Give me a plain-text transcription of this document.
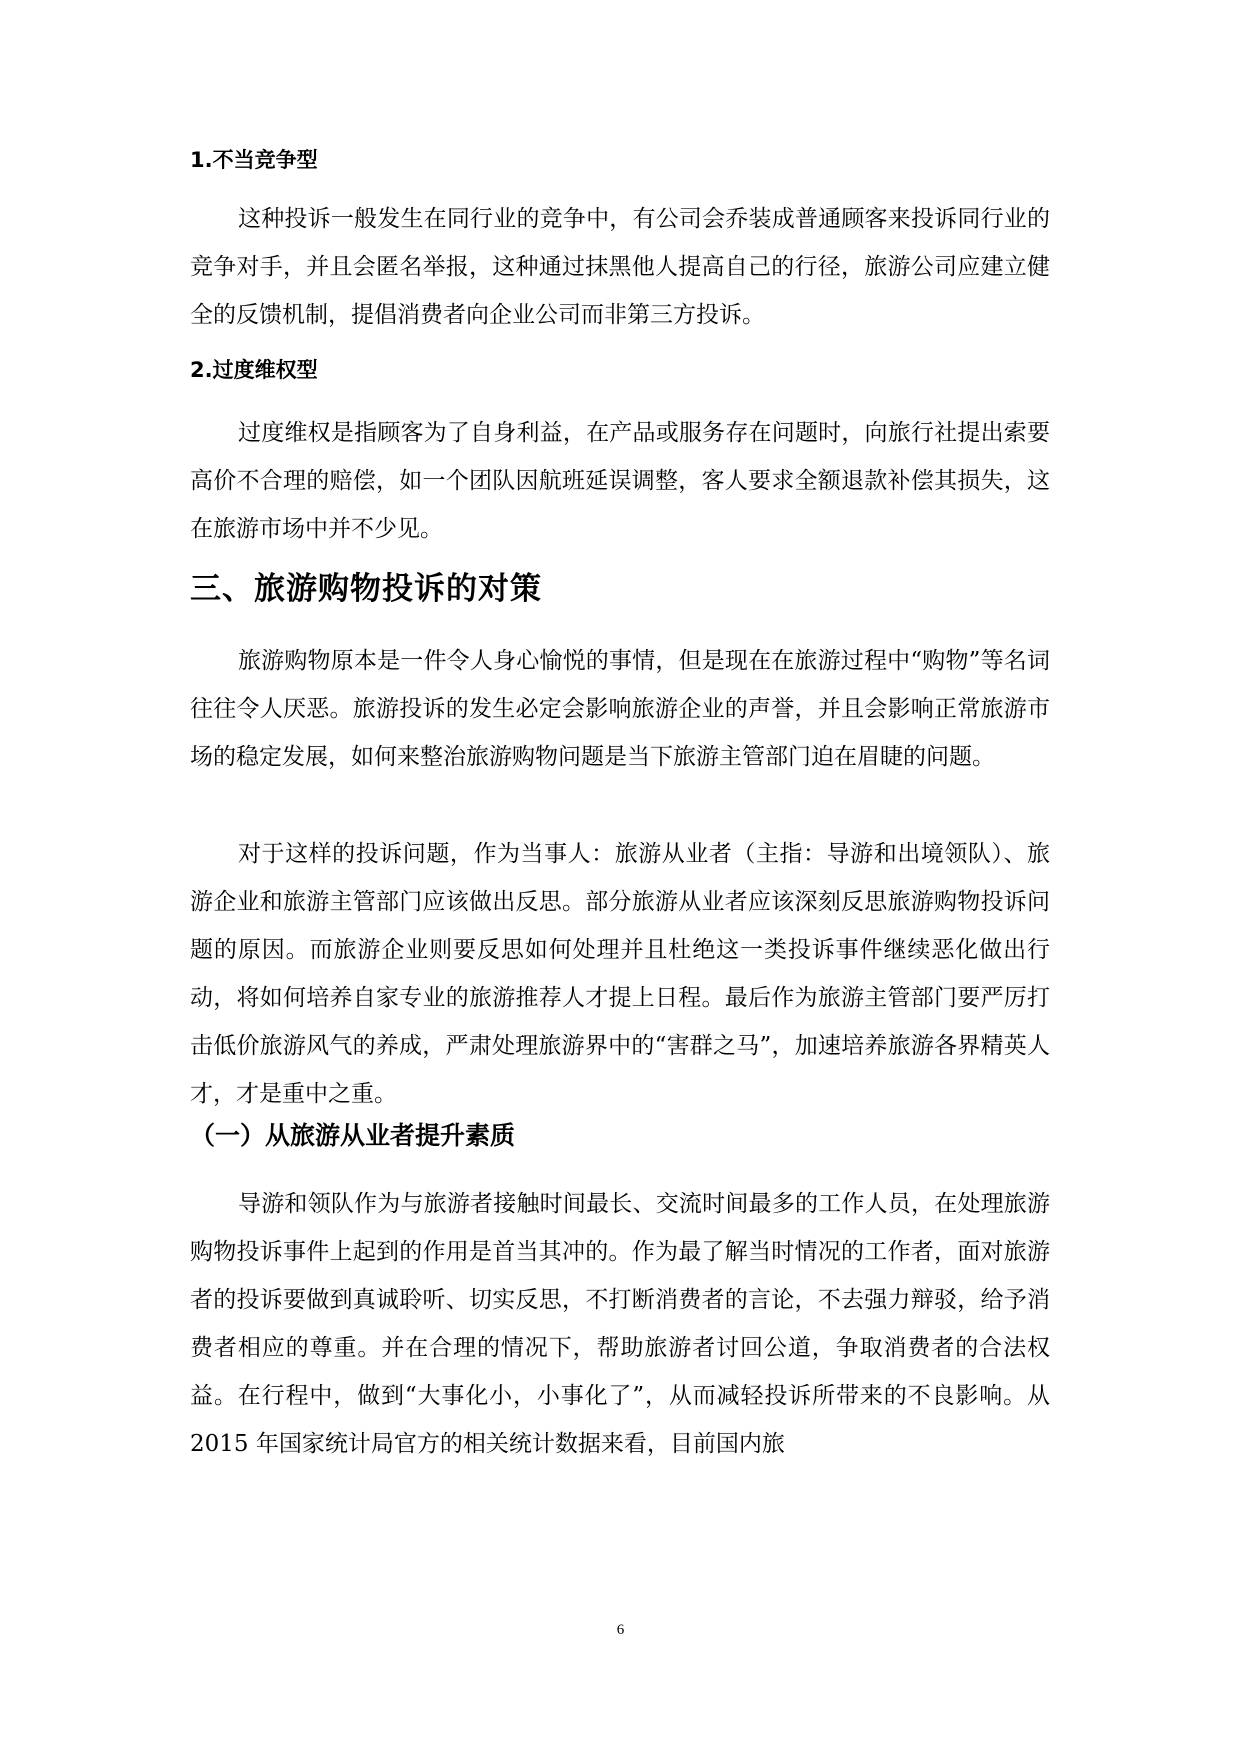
1.不当竞争型

这种投诉一般发生在同行业的竞争中，有公司会乔装成普通顾客来投诉同行业的竞争对手，并且会匿名举报，这种通过抹黑他人提高自己的行径，旅游公司应建立健全的反馈机制，提倡消费者向企业公司而非第三方投诉。

2.过度维权型

过度维权是指顾客为了自身利益，在产品或服务存在问题时，向旅行社提出索要高价不合理的赔偿，如一个团队因航班延误调整，客人要求全额退款补偿其损失，这在旅游市场中并不少见。

三、旅游购物投诉的对策

旅游购物原本是一件令人身心愉悦的事情，但是现在在旅游过程中“购物”等名词往往令人厌恶。旅游投诉的发生必定会影响旅游企业的声誉，并且会影响正常旅游市场的稳定发展，如何来整治旅游购物问题是当下旅游主管部门迫在眉睫的问题。

对于这样的投诉问题，作为当事人：旅游从业者（主指：导游和出境领队）、旅游企业和旅游主管部门应该做出反思。部分旅游从业者应该深刻反思旅游购物投诉问题的原因。而旅游企业则要反思如何处理并且杜绝这一类投诉事件继续恶化做出行动，将如何培养自家专业的旅游推荐人才提上日程。最后作为旅游主管部门要严厉打击低价旅游风气的养成，严肃处理旅游界中的“害群之马”，加速培养旅游各界精英人才，才是重中之重。

（一）从旅游从业者提升素质

导游和领队作为与旅游者接触时间最长、交流时间最多的工作人员，在处理旅游购物投诉事件上起到的作用是首当其冲的。作为最了解当时情况的工作者，面对旅游者的投诉要做到真诚聆听、切实反思，不打断消费者的言论，不去强力辩驳，给予消费者相应的尊重。并在合理的情况下，帮助旅游者讨回公道，争取消费者的合法权益。在行程中，做到“大事化小，小事化了”，从而减轻投诉所带来的不良影响。从 2015 年国家统计局官方的相关统计数据来看，目前国内旅

6
